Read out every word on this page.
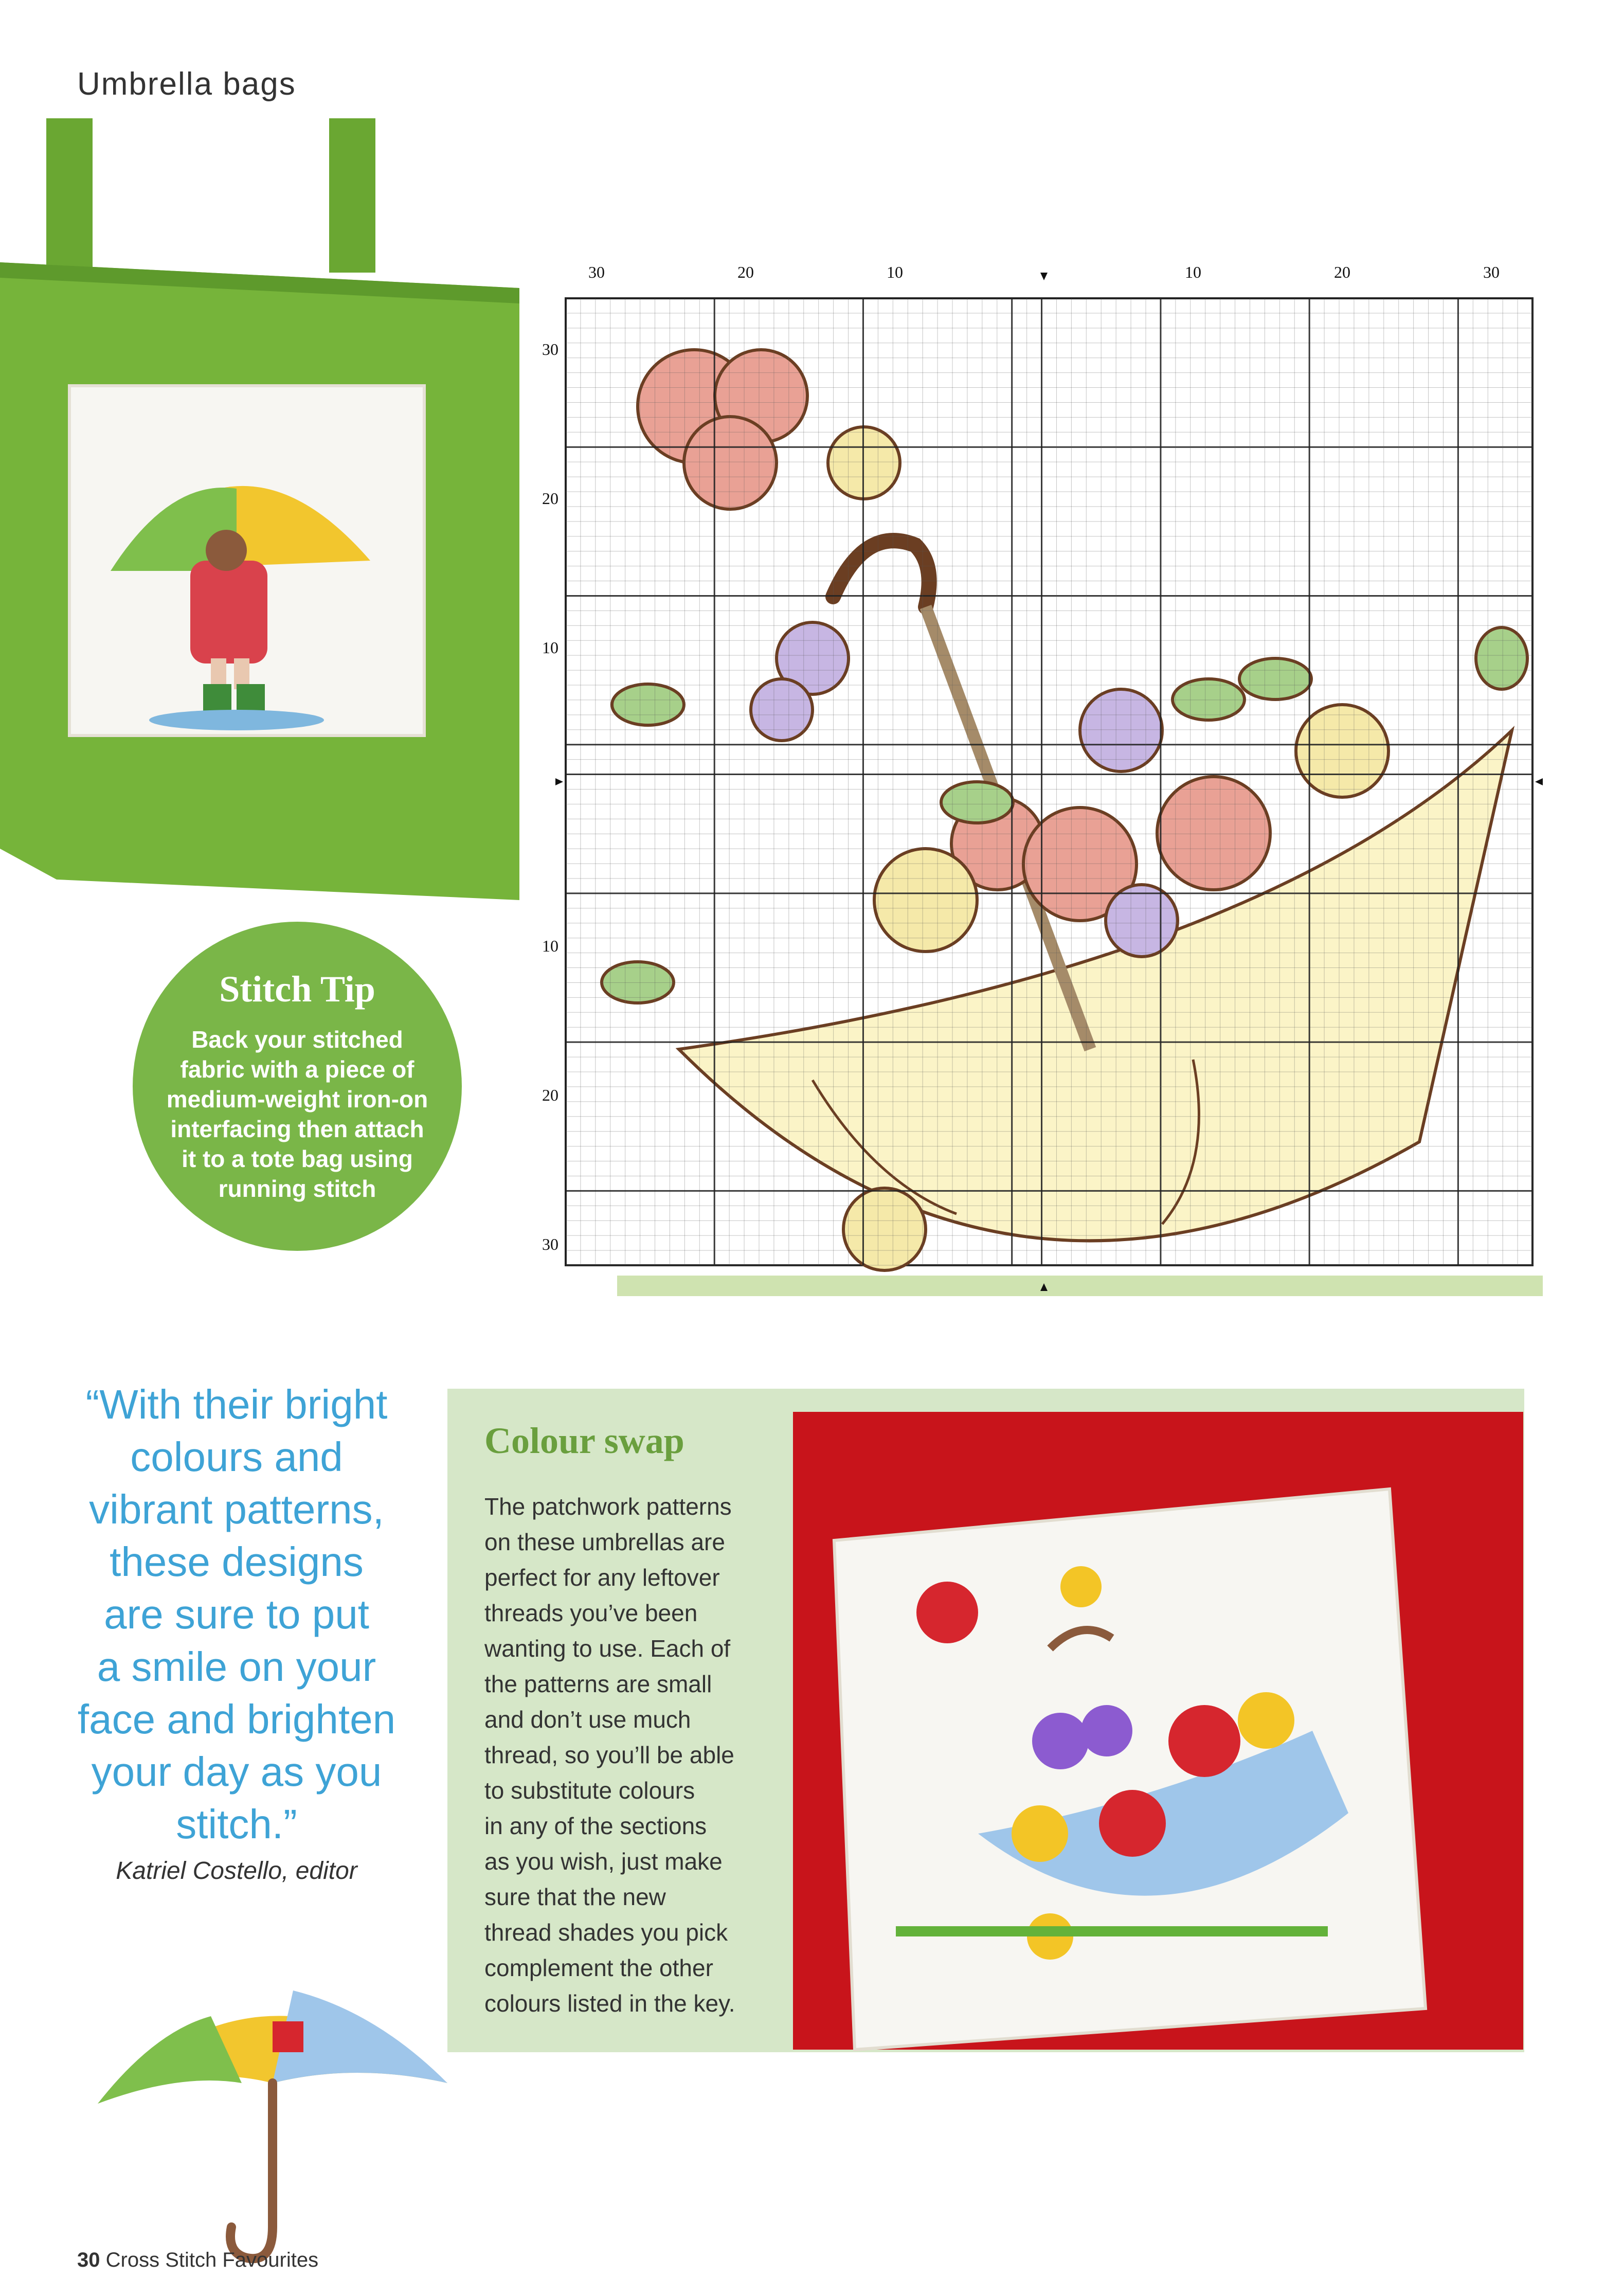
Umbrella bags
Stitch Tip
Back your stitched
fabric with a piece of
medium-weight iron-on
interfacing then attach
it to a tote bag using
running stitch
30	20	10	10	20	30
30
20
10
10
20
30
“With their bright
colours and
vibrant patterns,
these designs
are sure to put
a smile on your
face and brighten
your day as you
stitch.”
Katriel Costello, editor
Colour swap
The patchwork patterns
on these umbrellas are
perfect for any leftover
threads you’ve been
wanting to use. Each of
the patterns are small
and don’t use much
thread, so you’ll be able
to substitute colours
in any of the sections
as you wish, just make
sure that the new
thread shades you pick
complement the other
colours listed in the key.
30 Cross Stitch Favourites
